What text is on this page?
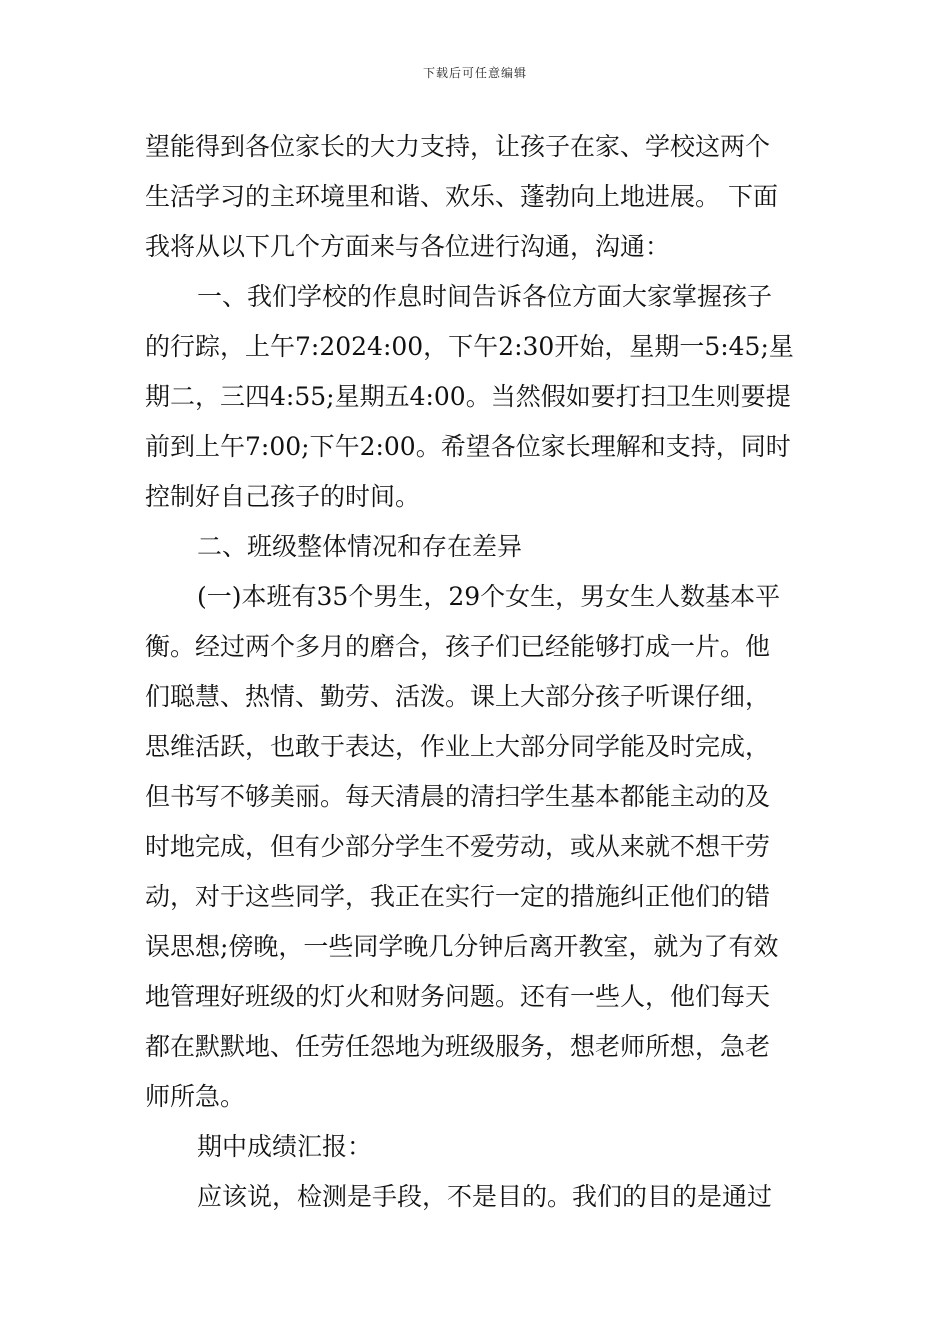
下载后可任意编辑
望能得到各位家长的大力支持，让孩子在家、学校这两个
生活学习的主环境里和谐、欢乐、蓬勃向上地进展。 下面
我将从以下几个方面来与各位进行沟通，沟通：
一、我们学校的作息时间告诉各位方面大家掌握孩子
的行踪，上午7:2024:00，下午2:30开始，星期一5:45;星
期二，三四4:55;星期五4:00。当然假如要打扫卫生则要提
前到上午7:00;下午2:00。希望各位家长理解和支持，同时
控制好自己孩子的时间。
二、班级整体情况和存在差异
(一)本班有35个男生，29个女生，男女生人数基本平
衡。经过两个多月的磨合，孩子们已经能够打成一片。他
们聪慧、热情、勤劳、活泼。课上大部分孩子听课仔细，
思维活跃，也敢于表达，作业上大部分同学能及时完成，
但书写不够美丽。每天清晨的清扫学生基本都能主动的及
时地完成，但有少部分学生不爱劳动，或从来就不想干劳
动，对于这些同学，我正在实行一定的措施纠正他们的错
误思想;傍晚，一些同学晚几分钟后离开教室，就为了有效
地管理好班级的灯火和财务问题。还有一些人，他们每天
都在默默地、任劳任怨地为班级服务，想老师所想，急老
师所急。
期中成绩汇报：
应该说，检测是手段，不是目的。我们的目的是通过
